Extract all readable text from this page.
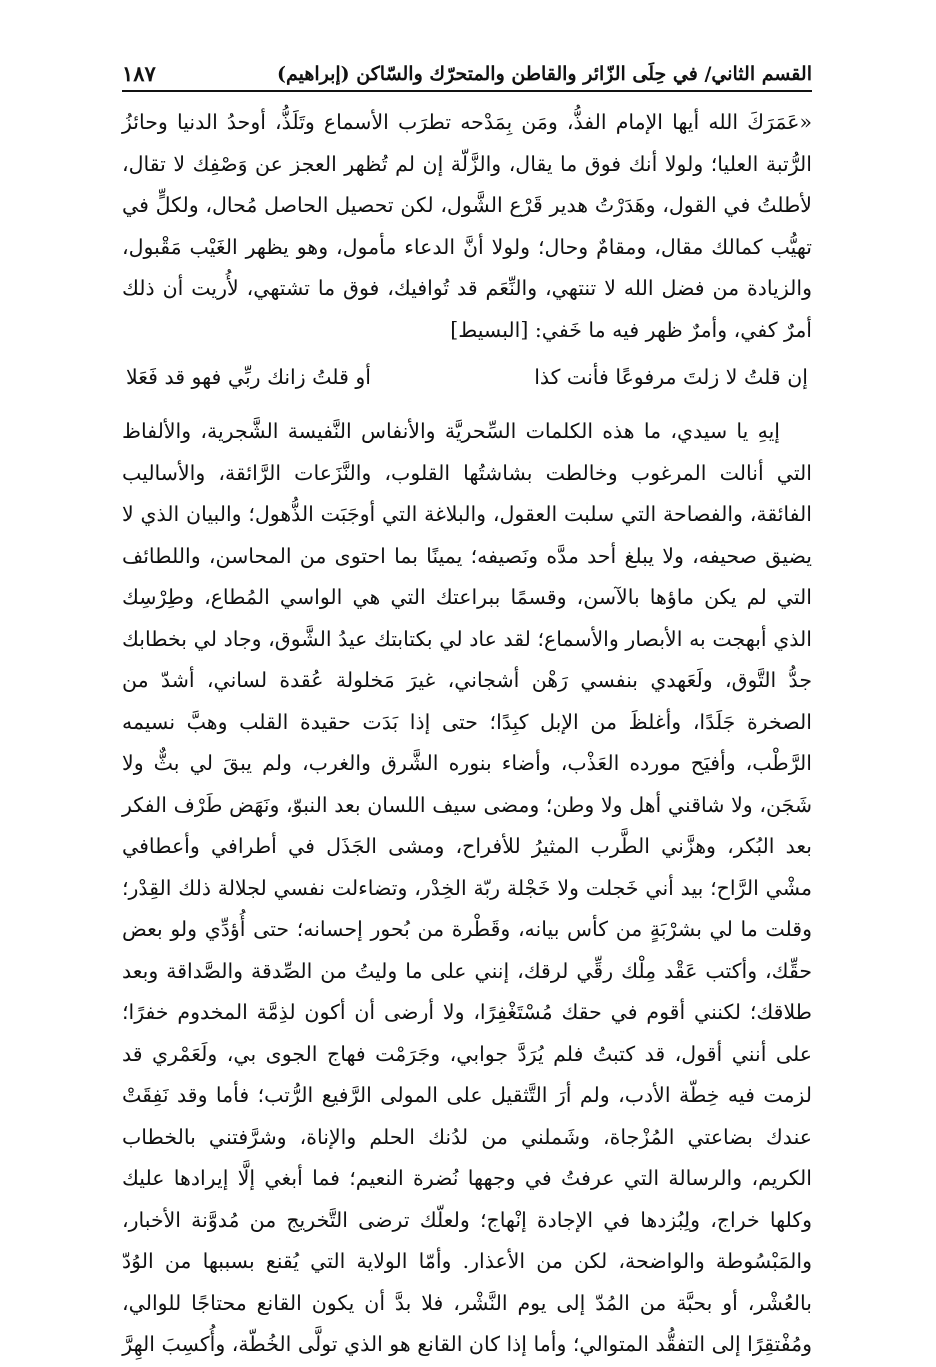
القسم الثاني/ في حِلَى الزّائر والقاطن والمتحرّك والسّاكن (إبراهيم)
١٨٧

«عَمَرَكَ الله أيها الإمام الفذُّ، ومَن بِمَدْحه تطرَب الأسماع وتَلَذُّ، أوحدُ الدنيا وحائزُ الرُّتبة العليا؛ ولولا أنك فوق ما يقال، والزَّلّة إن لم تُظهر العجز عن وَصْفِك لا تقال، لأطلتُ في القول، وهَدَرْتُ هدير قَرْع الشَّول، لكن تحصيل الحاصل مُحال، ولكلٍّ في تهيُّب كمالك مقال، ومقامٌ وحال؛ ولولا أنَّ الدعاء مأمول، وهو يظهر الغَيْب مَقْبول، والزيادة من فضل الله لا تنتهي، والنِّعَم قد تُوافيك، فوق ما تشتهي، لأُريت أن ذلك أمرٌ كفي، وأمرٌ ظهر فيه ما خَفي: [البسيط]

إن قلتُ لا زلتَ مرفوعًا فأنت كذا
أو قلتُ زانك ربِّي فهو قد فَعَلا

إيهِ يا سيدي، ما هذه الكلمات السِّحريَّة والأنفاس النَّفيسة الشَّجرية، والألفاظ التي أنالت المرغوب وخالطت بشاشتُها القلوب، والنَّزَعات الرَّائقة، والأساليب الفائقة، والفصاحة التي سلبت العقول، والبلاغة التي أوجَبَت الذُّهول؛ والبيان الذي لا يضيق صحيفه، ولا يبلغ أحد مدَّه ونَصيفه؛ يمينًا بما احتوى من المحاسن، واللطائف التي لم يكن ماؤها بالآسن، وقسمًا ببراعتك التي هي الواسي المُطاع، وطِرْسِك الذي أبهجت به الأبصار والأسماع؛ لقد عاد لي بكتابتك عيدُ الشَّوق، وجاد لي بخطابك جدُّ التَّوق، ولَعَهدي بنفسي رَهْن أشجاني، غيرَ مَخلولة عُقدة لساني، أشدّ من الصخرة جَلَدًا، وأغلظَ من الإبل كبِدًا؛ حتى إذا بَدَت حقيدة القلب وهبَّ نسيمه الرَّطْب، وأفيَح مورده العَذْب، وأضاء بنوره الشَّرق والغرب، ولم يبقَ لي بثٌّ ولا شَجَن، ولا شاقني أهل ولا وطن؛ ومضى سيف اللسان بعد النبوّ، ونَهَض طَرْف الفكر بعد البُكر، وهزَّني الطَّرب المثيرُ للأفراح، ومشى الجَذَل في أطرافي وأعطافي مشْي الرَّاح؛ بيد أني خَجلت ولا خَجْلة ربّة الخِدْر، وتضاءلت نفسي لجلالة ذلك القِدْر؛ وقلت ما لي بشرْبَةٍ من كأس بيانه، وقَطْرة من بُحور إحسانه؛ حتى أُؤدِّي ولو بعض حقِّك، وأكتب عَقْد مِلْك رقِّي لرقك، إنني على ما وليتُ من الصِّدقة والصَّداقة وبعد طلاقك؛ لكنني أقوم في حقك مُسْتَغْفِرًا، ولا أرضى أن أكون لذِمَّة المخدوم خفرًا؛ على أنني أقول، قد كتبتُ فلم يُرَدَّ جوابي، وجَرَمْت فهاج الجوى بي، ولَعَمْري قد لزمت فيه خِطّة الأدب، ولم أرَ التَّثقيل على المولى الرَّفيع الرُّتب؛ فأما وقد نَفِقَتْ عندك بضاعتي المُزْجاة، وشَملني من لدُنك الحلم والإناة، وشرَّفتني بالخطاب الكريم، والرسالة التي عرفتُ في وجهها نُضرة النعيم؛ فما أبغي إلَّا إيرادها عليك وكلها خراج، ولِبُزدها في الإجادة إنْهاج؛ ولعلّك ترضى التَّخريج من مُدوَّنة الأخبار، والمَبْسُوطة والواضحة، لكن من الأعذار. وأمّا الولاية التي يُقنع بسببها من الوُدّ بالعُشْر، أو بحبَّة من المُدّ إلى يوم النَّشْر، فلا بدَّ أن يكون القانع محتاجًا للوالي، ومُفْتقِرًا إلى التفقُّد المتوالي؛ وأما إذا كان القانع هو الذي تولَّى الخُطّة، وأُكسِبَ الهِرَّ
